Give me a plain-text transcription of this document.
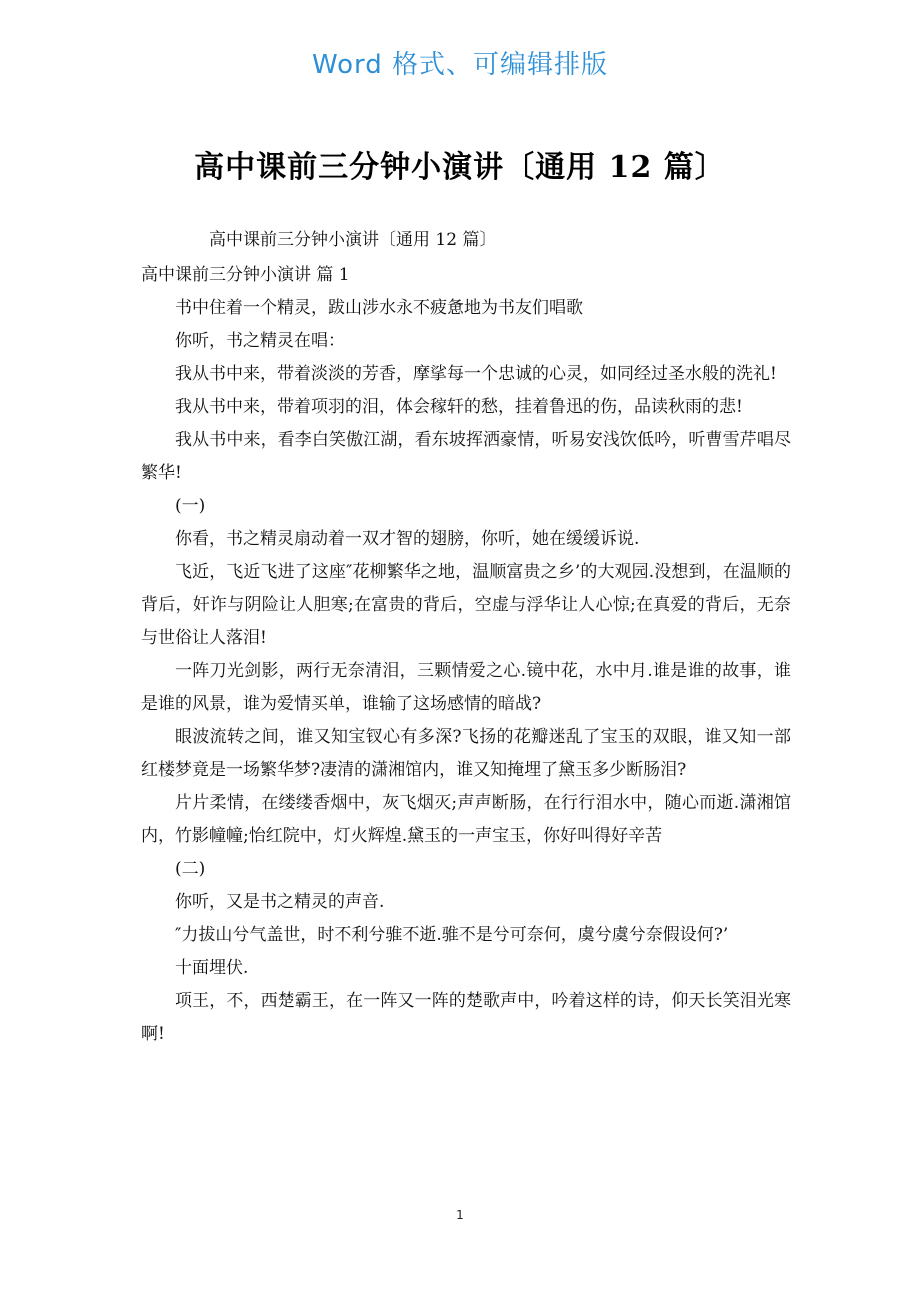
Word 格式、可编辑排版
高中课前三分钟小演讲〔通用 12 篇〕

高中课前三分钟小演讲〔通用 12 篇〕

高中课前三分钟小演讲 篇 1

书中住着一个精灵，跋山涉水永不疲惫地为书友们唱歌

你听，书之精灵在唱：

我从书中来，带着淡淡的芳香，摩挲每一个忠诚的心灵，如同经过圣水般的洗礼!

我从书中来，带着项羽的泪，体会稼轩的愁，挂着鲁迅的伤，品读秋雨的悲!

我从书中来，看李白笑傲江湖，看东坡挥洒豪情，听易安浅饮低吟，听曹雪芹唱尽繁华!

(一)

你看，书之精灵扇动着一双才智的翅膀，你听，她在缓缓诉说.

飞近，飞近飞进了这座″花柳繁华之地，温顺富贵之乡’的大观园.没想到，在温顺的背后，奸诈与阴险让人胆寒;在富贵的背后，空虚与浮华让人心惊;在真爱的背后，无奈与世俗让人落泪!

一阵刀光剑影，两行无奈清泪，三颗情爱之心.镜中花，水中月.谁是谁的故事，谁是谁的风景，谁为爱情买单，谁输了这场感情的暗战?

眼波流转之间，谁又知宝钗心有多深?飞扬的花瓣迷乱了宝玉的双眼，谁又知一部红楼梦竟是一场繁华梦?凄清的潇湘馆内，谁又知掩埋了黛玉多少断肠泪?

片片柔情，在缕缕香烟中，灰飞烟灭;声声断肠，在行行泪水中，随心而逝.潇湘馆内，竹影幢幢;怡红院中，灯火辉煌.黛玉的一声宝玉，你好叫得好辛苦

(二)

你听，又是书之精灵的声音.

″力拔山兮气盖世，时不利兮骓不逝.骓不是兮可奈何，虞兮虞兮奈假设何?’

十面埋伏.

项王，不，西楚霸王，在一阵又一阵的楚歌声中，吟着这样的诗，仰天长笑泪光寒啊!

1
